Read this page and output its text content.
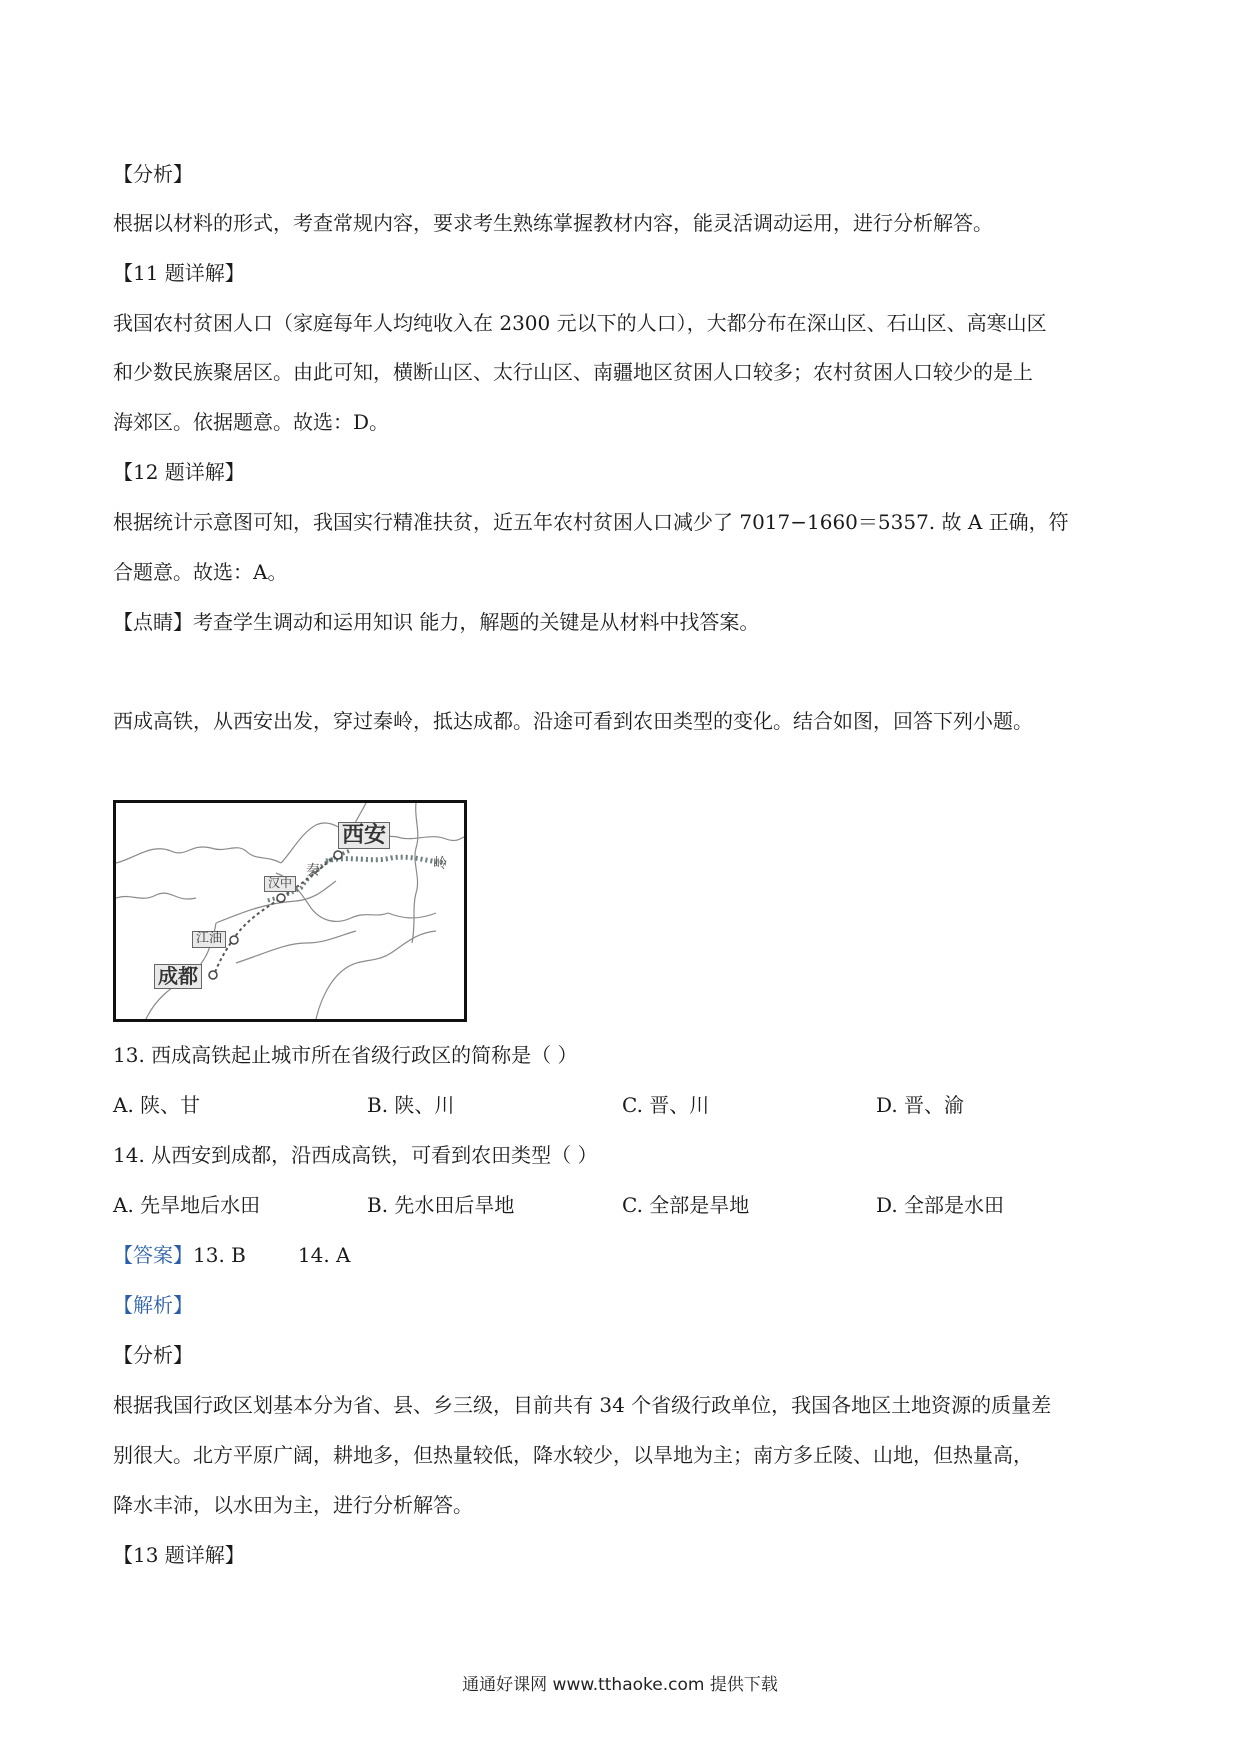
【分析】
根据以材料的形式，考查常规内容，要求考生熟练掌握教材内容，能灵活调动运用，进行分析解答。
【11 题详解】
我国农村贫困人口（家庭每年人均纯收入在 2300 元以下的人口），大都分布在深山区、石山区、高寒山区
和少数民族聚居区。由此可知，横断山区、太行山区、南疆地区贫困人口较多；农村贫困人口较少的是上
海郊区。依据题意。故选：D。
【12 题详解】
根据统计示意图可知，我国实行精准扶贫，近五年农村贫困人口减少了 7017−1660＝5357. 故 A 正确，符
合题意。故选：A。
【点睛】考查学生调动和运用知识 能力，解题的关键是从材料中找答案。
西成高铁，从西安出发，穿过秦岭，抵达成都。沿途可看到农田类型的变化。结合如图，回答下列小题。
西安
汉中
江油
成都
秦	岭
13. 西成高铁起止城市所在省级行政区的简称是（ ）
A. 陕、甘	B. 陕、川	C. 晋、川	D. 晋、渝
14. 从西安到成都，沿西成高铁，可看到农田类型（ ）
A. 先旱地后水田	B. 先水田后旱地	C. 全部是旱地	D. 全部是水田
【答案】13. B	14. A
【解析】
【分析】
根据我国行政区划基本分为省、县、乡三级，目前共有 34 个省级行政单位，我国各地区土地资源的质量差
别很大。北方平原广阔，耕地多，但热量较低，降水较少，以旱地为主；南方多丘陵、山地，但热量高，
降水丰沛，以水田为主，进行分析解答。
【13 题详解】
通通好课网 www.tthaoke.com 提供下载
